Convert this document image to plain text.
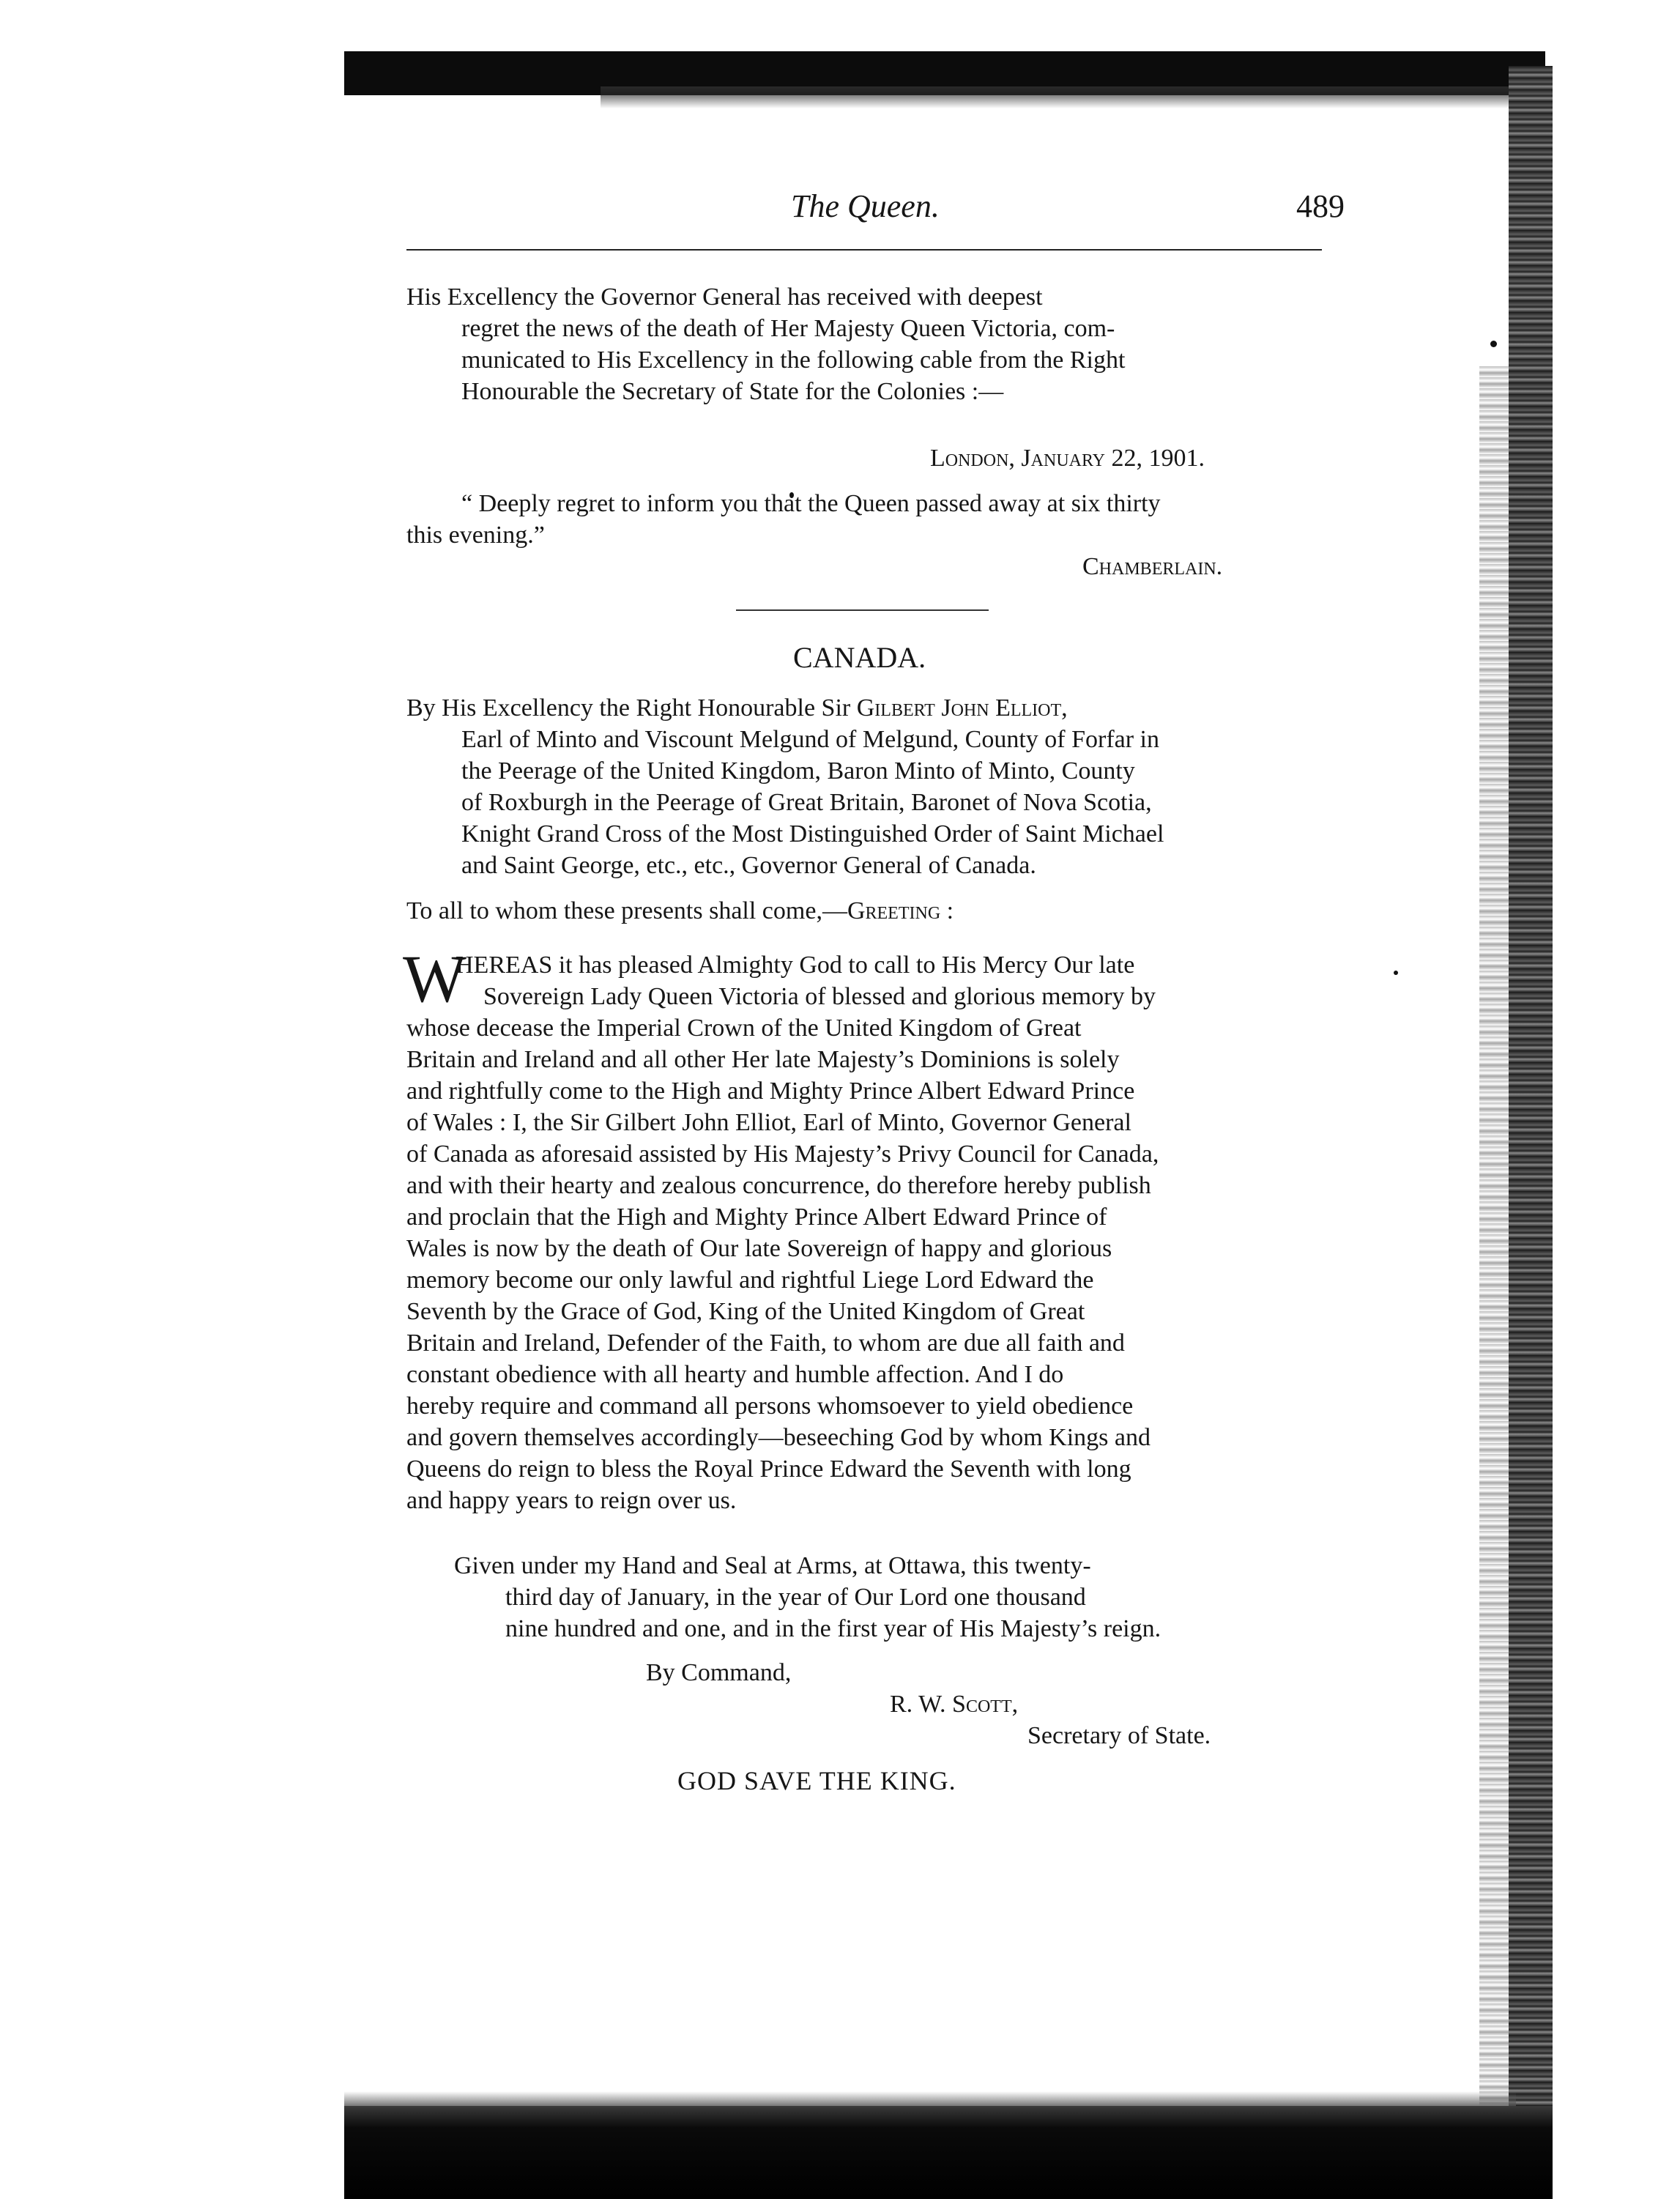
The Queen.	489
His Excellency the Governor General has received with deepest
regret the news of the death of Her Majesty Queen Victoria, com-
municated to His Excellency in the following cable from the Right
Honourable the Secretary of State for the Colonies :—
London, January 22, 1901.
“ Deeply regret to inform you that the Queen passed away at six thirty
this evening.”
Chamberlain.
CANADA.
By His Excellency the Right Honourable Sir Gilbert John Elliot,
Earl of Minto and Viscount Melgund of Melgund, County of Forfar in
the Peerage of the United Kingdom, Baron Minto of Minto, County
of Roxburgh in the Peerage of Great Britain, Baronet of Nova Scotia,
Knight Grand Cross of the Most Distinguished Order of Saint Michael
and Saint George, etc., etc., Governor General of Canada.
To all to whom these presents shall come,—Greeting :
W
HEREAS it has pleased Almighty God to call to His Mercy Our late
Sovereign Lady Queen Victoria of blessed and glorious memory by
whose decease the Imperial Crown of the United Kingdom of Great
Britain and Ireland and all other Her late Majesty’s Dominions is solely
and rightfully come to the High and Mighty Prince Albert Edward Prince
of Wales : I, the Sir Gilbert John Elliot, Earl of Minto, Governor General
of Canada as aforesaid assisted by His Majesty’s Privy Council for Canada,
and with their hearty and zealous concurrence, do therefore hereby publish
and proclain that the High and Mighty Prince Albert Edward Prince of
Wales is now by the death of Our late Sovereign of happy and glorious
memory become our only lawful and rightful Liege Lord Edward the
Seventh by the Grace of God, King of the United Kingdom of Great
Britain and Ireland, Defender of the Faith, to whom are due all faith and
constant obedience with all hearty and humble affection. And I do
hereby require and command all persons whomsoever to yield obedience
and govern themselves accordingly—beseeching God by whom Kings and
Queens do reign to bless the Royal Prince Edward the Seventh with long
and happy years to reign over us.
Given under my Hand and Seal at Arms, at Ottawa, this twenty-
third day of January, in the year of Our Lord one thousand
nine hundred and one, and in the first year of His Majesty’s reign.
By Command,
R. W. Scott,
Secretary of State.
GOD SAVE THE KING.
